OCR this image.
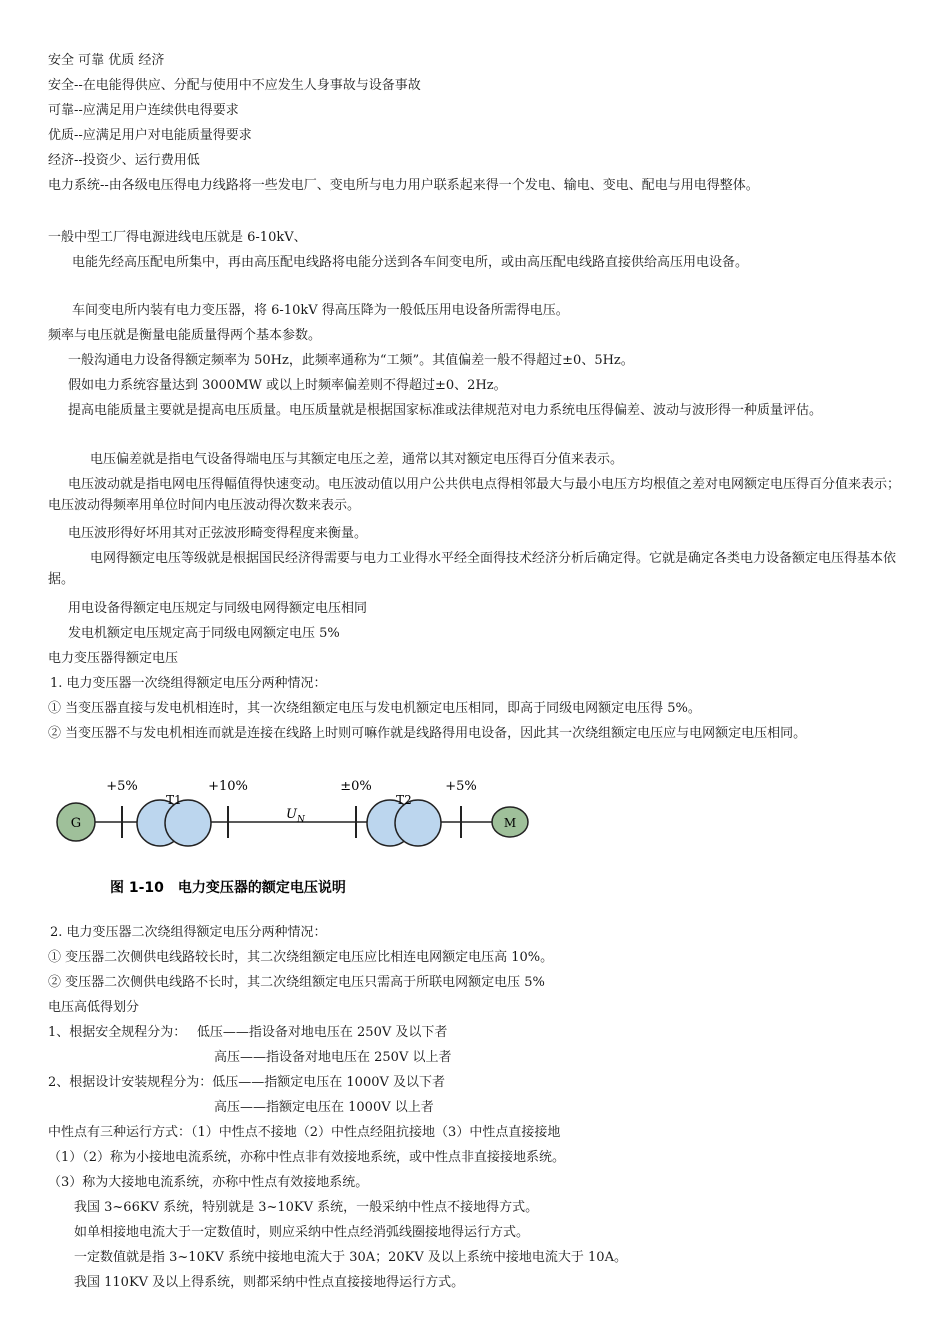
安全 可靠 优质 经济
安全--在电能得供应、分配与使用中不应发生人身事故与设备事故
可靠--应满足用户连续供电得要求
优质--应满足用户对电能质量得要求
经济--投资少、运行费用低
电力系统--由各级电压得电力线路将一些发电厂、变电所与电力用户联系起来得一个发电、输电、变电、配电与用电得整体。
一般中型工厂得电源进线电压就是 6-10kV、
电能先经高压配电所集中，再由高压配电线路将电能分送到各车间变电所，或由高压配电线路直接供给高压用电设备。
车间变电所内装有电力变压器，将 6-10kV 得高压降为一般低压用电设备所需得电压。
频率与电压就是衡量电能质量得两个基本参数。
一般沟通电力设备得额定频率为 50Hz，此频率通称为“工频”。其值偏差一般不得超过±0、5Hz。
假如电力系统容量达到 3000MW 或以上时频率偏差则不得超过±0、2Hz。
提高电能质量主要就是提高电压质量。电压质量就是根据国家标准或法律规范对电力系统电压得偏差、波动与波形得一种质量评估。
电压偏差就是指电气设备得端电压与其额定电压之差，通常以其对额定电压得百分值来表示。
电压波动就是指电网电压得幅值得快速变动。电压波动值以用户公共供电点得相邻最大与最小电压方均根值之差对电网额定电压得百分值来表示；电压波动得频率用单位时间内电压波动得次数来表示。
电压波形得好坏用其对正弦波形畸变得程度来衡量。
电网得额定电压等级就是根据国民经济得需要与电力工业得水平经全面得技术经济分析后确定得。它就是确定各类电力设备额定电压得基本依据。
用电设备得额定电压规定与同级电网得额定电压相同
发电机额定电压规定高于同级电网额定电压 5%
电力变压器得额定电压
1. 电力变压器一次绕组得额定电压分两种情况：
① 当变压器直接与发电机相连时，其一次绕组额定电压与发电机额定电压相同，即高于同级电网额定电压得 5%。
② 当变压器不与发电机相连而就是连接在线路上时则可嘛作就是线路得用电设备，因此其一次绕组额定电压应与电网额定电压相同。
G	M
+5%	+10%	±0%	+5%
T1	T2
U N
图 1-10　电力变压器的额定电压说明
2. 电力变压器二次绕组得额定电压分两种情况：
① 变压器二次侧供电线路较长时，其二次绕组额定电压应比相连电网额定电压高 10%。
② 变压器二次侧供电线路不长时，其二次绕组额定电压只需高于所联电网额定电压 5%
电压高低得划分
1、根据安全规程分为：　 低压——指设备对地电压在 250V 及以下者
高压——指设备对地电压在 250V 以上者
2、根据设计安装规程分为：低压——指额定电压在 1000V 及以下者
高压——指额定电压在 1000V 以上者
中性点有三种运行方式：（1）中性点不接地（2）中性点经阻抗接地（3）中性点直接接地
（1）（2）称为小接地电流系统，亦称中性点非有效接地系统，或中性点非直接接地系统。
（3）称为大接地电流系统，亦称中性点有效接地系统。
我国 3~66KV 系统，特别就是 3~10KV 系统，一般采纳中性点不接地得方式。
如单相接地电流大于一定数值时，则应采纳中性点经消弧线圈接地得运行方式。
一定数值就是指 3~10KV 系统中接地电流大于 30A；20KV 及以上系统中接地电流大于 10A。
我国 110KV 及以上得系统，则都采纳中性点直接接地得运行方式。
